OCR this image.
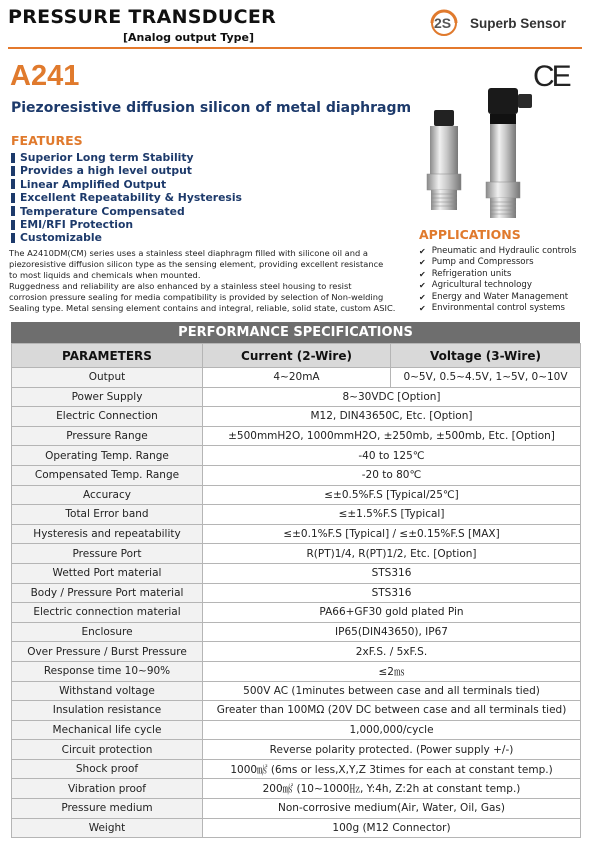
PRESSURE TRANSDUCER
[Analog output Type]
2S Superb Sensor
A241	CE
Piezoresistive diffusion silicon of metal diaphragm
FEATURES
Superior Long term Stability
Provides a high level output
Linear Amplified Output
Excellent Repeatability & Hysteresis
Temperature Compensated
EMI/RFI Protection
Customizable	APPLICATIONS
✔ Pneumatic and Hydraulic controls
✔ Pump and Compressors
✔ Refrigeration units
✔ Agricultural technology
✔ Energy and Water Management
✔ Environmental control systems
The A2410DM(CM) series uses a stainless steel diaphragm filled with silicone oil and a
piezoresistive diffusion silicon type as the sensing element, providing excellent resistance
to most liquids and chemicals when mounted.
Ruggedness and reliability are also enhanced by a stainless steel housing to resist
corrosion pressure sealing for media compatibility is provided by selection of Non-welding
Sealing type. Metal sensing element contains and integral, reliable, solid state, custom ASIC.
PERFORMANCE SPECIFICATIONS
PARAMETERS	Current (2-Wire)	Voltage (3-Wire)
Output	4~20mA	0~5V, 0.5~4.5V, 1~5V, 0~10V
Power Supply	8~30VDC [Option]	
Electric Connection	M12, DIN43650C, Etc. [Option]	
Pressure Range	±500mmH2O, 1000mmH2O, ±250mb, ±500mb, Etc. [Option]	
Operating Temp. Range	-40 to 125℃	
Compensated Temp. Range	-20 to 80℃	
Accuracy	≤±0.5%F.S [Typical/25℃]	
Total Error band	≤±1.5%F.S [Typical]	
Hysteresis and repeatability	≤±0.1%F.S [Typical] / ≤±0.15%F.S [MAX]	
Pressure Port	R(PT)1/4, R(PT)1/2, Etc. [Option]	
Wetted Port material	STS316	
Body / Pressure Port material	STS316	
Electric connection material	PA66+GF30 gold plated Pin	
Enclosure	IP65(DIN43650), IP67	
Over Pressure / Burst Pressure	2xF.S. / 5xF.S.	
Response time 10~90%	≤2㎳	
Withstand voltage	500V AC (1minutes between case and all terminals tied)	
Insulation resistance	Greater than 100MΩ (20V DC between case and all terminals tied)	
Mechanical life cycle	1,000,000/cycle	
Circuit protection	Reverse polarity protected. (Power supply +/-)	
Shock proof	1000㎨ (6ms or less,X,Y,Z 3times for each at constant temp.)	
Vibration proof	200㎨ (10~1000㎐, Y:4h, Z:2h at constant temp.)	
Pressure medium	Non-corrosive medium(Air, Water, Oil, Gas)	
Weight	100g (M12 Connector)	
